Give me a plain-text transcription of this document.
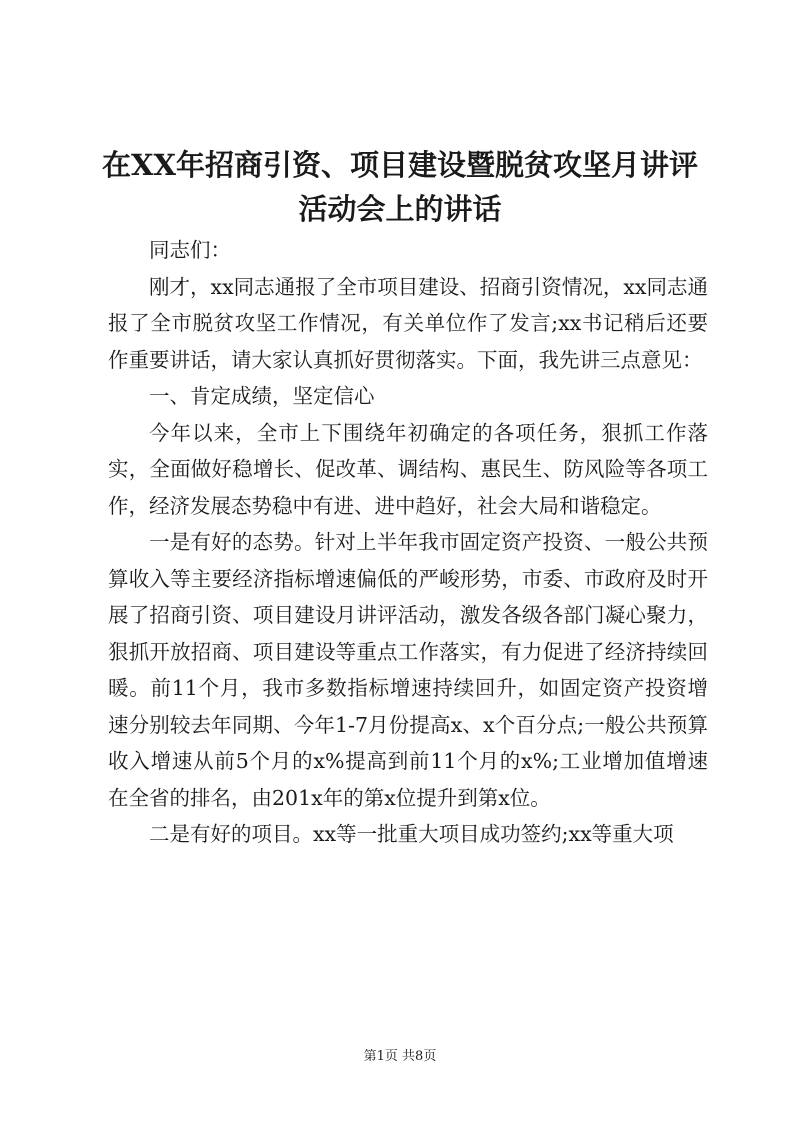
在XX年招商引资、项目建设暨脱贫攻坚月讲评活动会上的讲话

同志们：

刚才，xx同志通报了全市项目建设、招商引资情况，xx同志通报了全市脱贫攻坚工作情况，有关单位作了发言;xx书记稍后还要作重要讲话，请大家认真抓好贯彻落实。下面，我先讲三点意见：

一、肯定成绩，坚定信心

今年以来，全市上下围绕年初确定的各项任务，狠抓工作落实，全面做好稳增长、促改革、调结构、惠民生、防风险等各项工作，经济发展态势稳中有进、进中趋好，社会大局和谐稳定。

一是有好的态势。针对上半年我市固定资产投资、一般公共预算收入等主要经济指标增速偏低的严峻形势，市委、市政府及时开展了招商引资、项目建设月讲评活动，激发各级各部门凝心聚力，狠抓开放招商、项目建设等重点工作落实，有力促进了经济持续回暖。前11个月，我市多数指标增速持续回升，如固定资产投资增速分别较去年同期、今年1-7月份提高x、x个百分点;一般公共预算收入增速从前5个月的x%提高到前11个月的x%;工业增加值增速在全省的排名，由201x年的第x位提升到第x位。

二是有好的项目。xx等一批重大项目成功签约;xx等重大项

第1页 共8页
